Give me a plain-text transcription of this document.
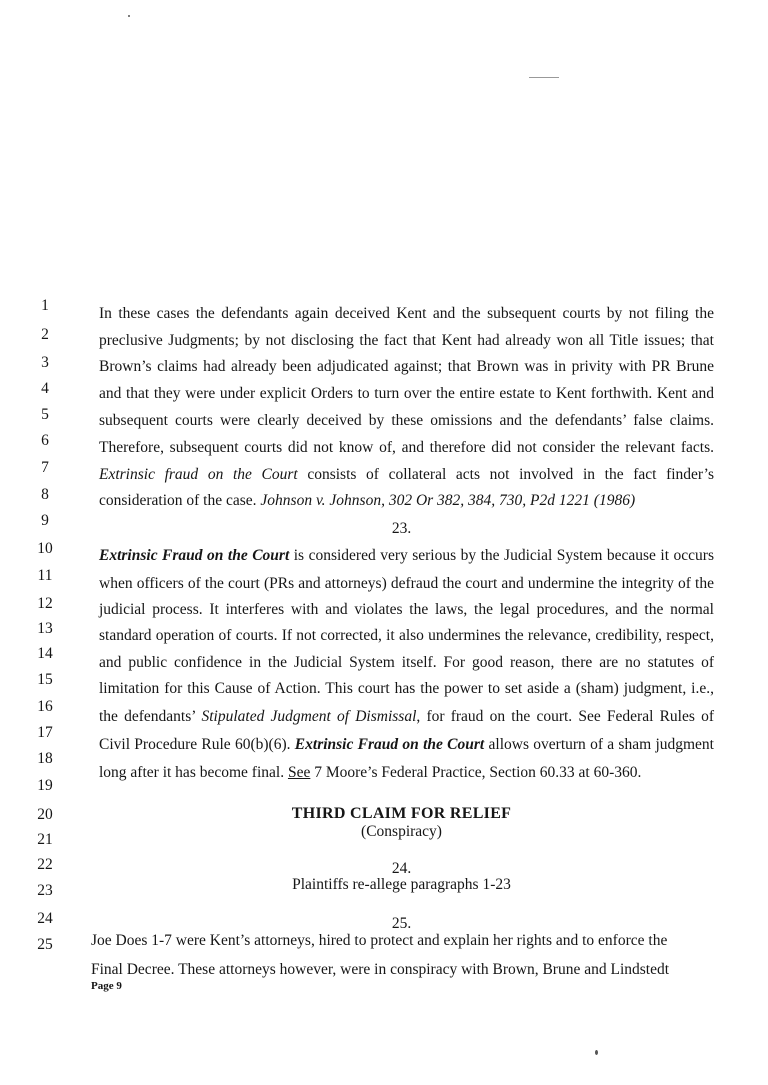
1
2
3
4
5
6
7
8
9
10
11
12
13
14
15
16
17
18
19
20
21
22
23
24
25
In these cases the defendants again deceived Kent and the subsequent courts by not filing the
preclusive Judgments; by not disclosing the fact that Kent had already won all Title issues; that
Brown’s claims had already been adjudicated against; that Brown was in privity with PR Brune
and that they were under explicit Orders to turn over the entire estate to Kent forthwith. Kent and
subsequent courts were clearly deceived by these omissions and the defendants’ false claims.
Therefore, subsequent courts did not know of, and therefore did not consider the relevant facts.
Extrinsic fraud on the Court consists of collateral acts not involved in the fact finder’s
consideration of the case. Johnson v. Johnson, 302 Or 382, 384, 730, P2d 1221 (1986)
23.
Extrinsic Fraud on the Court is considered very serious by the Judicial System because it occurs
when officers of the court (PRs and attorneys) defraud the court and undermine the integrity of the
judicial process. It interferes with and violates the laws, the legal procedures, and the normal
standard operation of courts. If not corrected, it also undermines the relevance, credibility, respect,
and public confidence in the Judicial System itself. For good reason, there are no statutes of
limitation for this Cause of Action. This court has the power to set aside a (sham) judgment, i.e.,
the defendants’ Stipulated Judgment of Dismissal, for fraud on the court. See Federal Rules of
Civil Procedure Rule 60(b)(6). Extrinsic Fraud on the Court allows overturn of a sham judgment
long after it has become final. See 7 Moore’s Federal Practice, Section 60.33 at 60-360.
THIRD CLAIM FOR RELIEF
(Conspiracy)
24.
Plaintiffs re-allege paragraphs 1-23
25.
Joe Does 1-7 were Kent’s attorneys, hired to protect and explain her rights and to enforce the
Final Decree. These attorneys however, were in conspiracy with Brown, Brune and Lindstedt
Page 9
